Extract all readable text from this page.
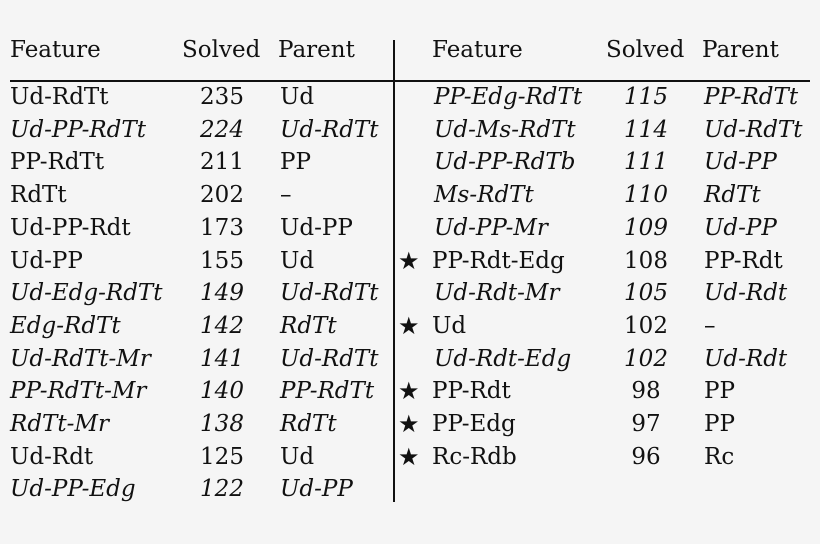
Feature	Solved Parent	Feature	Solved Parent
Ud-RdTt	235	Ud
Ud-PP-RdTt	224	Ud-RdTt
PP-RdTt	211	PP
RdTt	202	–
Ud-PP-Rdt	173	Ud-PP
Ud-PP	155	Ud
Ud-Edg-RdTt	149	Ud-RdTt
Edg-RdTt	142	RdTt
Ud-RdTt-Mr	141	Ud-RdTt
PP-RdTt-Mr	140	PP-RdTt
RdTt-Mr	138	RdTt
Ud-Rdt	125	Ud
Ud-PP-Edg	122	Ud-PP
PP-Edg-RdTt	115	PP-RdTt
Ud-Ms-RdTt	114	Ud-RdTt
Ud-PP-RdTb	111	Ud-PP
Ms-RdTt	110	RdTt
Ud-PP-Mr	109	Ud-PP
★ PP-Rdt-Edg	108	PP-Rdt
Ud-Rdt-Mr	105	Ud-Rdt
★ Ud	102	–
Ud-Rdt-Edg	102	Ud-Rdt
★ PP-Rdt	98	PP
★ PP-Edg	97	PP
★ Rc-Rdb	96	Rc
